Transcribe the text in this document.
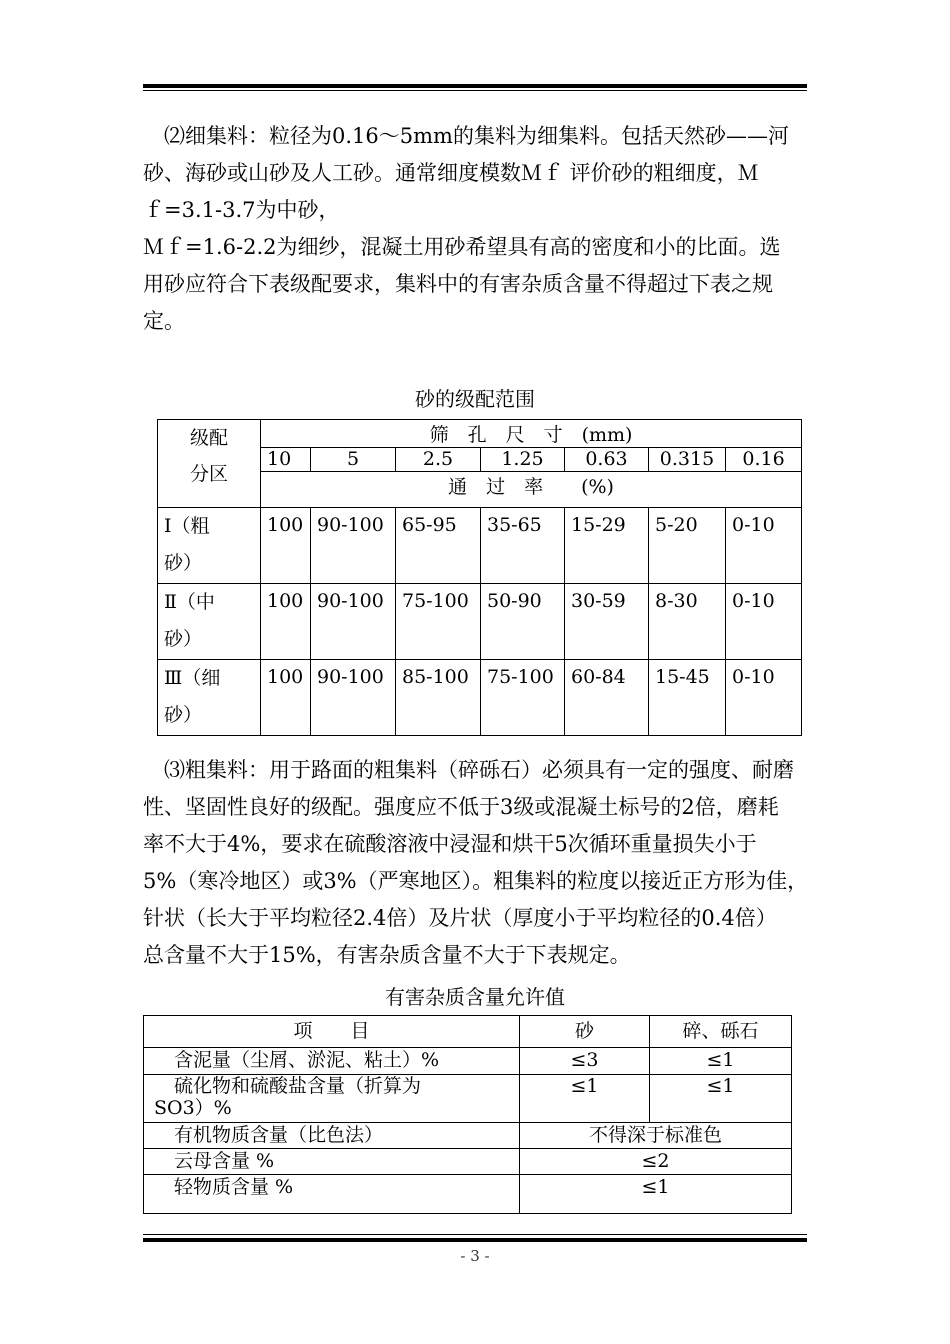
⑵细集料：粒径为0.16～5mm的集料为细集料。包括天然砂——河
砂、海砂或山砂及人工砂。通常细度模数Ｍｆ 评价砂的粗细度，Ｍ
ｆ=3.1-3.7为中砂，
Ｍｆ=1.6-2.2为细纱，混凝土用砂希望具有高的密度和小的比面。选
用砂应符合下表级配要求，集料中的有害杂质含量不得超过下表之规
定。
砂的级配范围
级配
分区	筛　孔　尺　寸　(mm)						
	10	5	2.5	1.25	0.63	0.315	0.16
	通　过　率　　(%)						

Ⅰ（粗
砂）	100	90-100	65-95	35-65	15-29	5-20	0-10

Ⅱ（中
砂）	100	90-100	75-100	50-90	30-59	8-30	0-10

Ⅲ（细
砂）	100	90-100	85-100	75-100	60-84	15-45	0-10
⑶粗集料：用于路面的粗集料（碎砾石）必须具有一定的强度、耐磨
性、坚固性良好的级配。强度应不低于3级或混凝土标号的2倍，磨耗
率不大于4%，要求在硫酸溶液中浸湿和烘干5次循环重量损失小于
5%（寒冷地区）或3%（严寒地区）。粗集料的粒度以接近正方形为佳，
针状（长大于平均粒径2.4倍）及片状（厚度小于平均粒径的0.4倍）
总含量不大于15%，有害杂质含量不大于下表规定。
有害杂质含量允许值
项　　目	砂	碎、砾石
含泥量（尘屑、淤泥、粘土）%	≤3	≤1

硫化物和硫酸盐含量（折算为
SO3）%	≤1	≤1
有机物质含量（比色法）	不得深于标准色	
云母含量 %	≤2	
轻物质含量 %	≤1	
- 3 -
